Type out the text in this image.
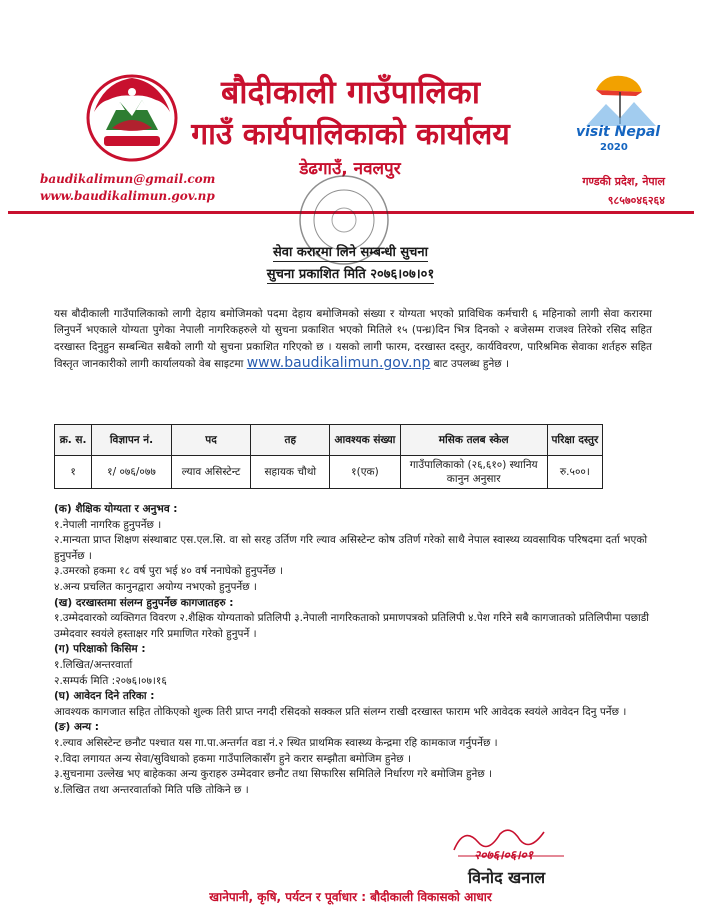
बौदीकाली गाउँपालिका
गाउँ कार्यपालिकाको कार्यालय
डेढगाउँ, नवलपुर
visit Nepal
2020
baudikalimun@gmail.com
www.baudikalimun.gov.np
गण्डकी प्रदेश, नेपाल
९८५७०४६२६४
सेवा करारमा लिने सम्बन्धी सुचना
सुचना प्रकाशित मिति २०७६।०७।०१
यस बौदीकाली गाउँपालिकाको लागी देहाय बमोजिमको पदमा देहाय बमोजिमको संख्या र योग्यता भएको प्राविधिक कर्मचारी ६ महिनाको लागी सेवा करारमा लिनुपर्ने भएकाले योग्यता पुगेका नेपाली नागरिकहरुले यो सुचना प्रकाशित भएको मितिले १५ (पन्ध्र)दिन भित्र दिनको २ बजेसम्म राजश्व तिरेको रसिद सहित दरखास्त दिनुहुन सम्बन्धित सबैको लागी यो सुचना प्रकाशित गरिएको छ । यसको लागी फारम, दरखास्त दस्तुर, कार्यविवरण, पारिश्रमिक सेवाका शर्तहरु सहित विस्तृत जानकारीको लागी कार्यालयको वेब साइटमा www.baudikalimun.gov.np बाट उपलब्ध हुनेछ ।
क्र. स.	विज्ञापन नं.	पद	तह	आवश्यक संख्या	मसिक तलब स्केल	परिक्षा दस्तुर
१	१/ ०७६/०७७	ल्याव असिस्टेन्ट	सहायक चौथो	१(एक)	गाउँपालिकाको (२६,६१०) स्थानिय कानुन अनुसार	रु.५००।
(क) शैक्षिक योग्यता र अनुभव :
१.नेपाली नागरिक हुनुपर्नेछ ।
२.मान्यता प्राप्त शिक्षण संस्थाबाट एस.एल.सि. वा सो सरह उर्तिण गरि ल्याव असिस्टेन्ट कोष उतिर्ण गरेको साथै नेपाल स्वास्थ्य व्यवसायिक परिषदमा दर्ता भएको हुनुपर्नेछ ।
३.उमरको हकमा १८ वर्ष पुरा भई ४० वर्ष ननाघेको हुनुपर्नेछ ।
४.अन्य प्रचलित कानुनद्वारा अयोग्य नभएको हुनुपर्नेछ ।
(ख) दरखास्तमा संलग्न हुनुपर्नेछ कागजातहरु :
१.उम्मेदवारको व्यक्तिगत विवरण २.शैक्षिक योग्यताको प्रतिलिपी ३.नेपाली नागरिकताको प्रमाणपत्रको प्रतिलिपी ४.पेश गरिने सबै कागजातको प्रतिलिपीमा पछाडी उम्मेदवार स्वयंले हस्ताक्षर गरि प्रमाणित गरेको हुनुपर्ने ।
(ग) परिक्षाको किसिम :
१.लिखित/अन्तरवार्ता
२.सम्पर्क मिति :२०७६।०७।१६
(घ) आवेदन दिने तरिका :
आवश्यक कागजात सहित तोकिएको शुल्क तिरी प्राप्त नगदी रसिदको सक्कल प्रति संलग्न राखी दरखास्त फाराम भरि आवेदक स्वयंले आवेदन दिनु पर्नेछ ।
(ङ) अन्य :
१.ल्याव असिस्टेन्ट छनौट पश्चात यस गा.पा.अन्तर्गत वडा नं.२ स्थित प्राथमिक स्वास्थ्य केन्द्रमा रहि कामकाज गर्नुपर्नेछ ।
२.विदा लगायत अन्य सेवा/सुविधाको हकमा गाउँपालिकासँग हुने करार सम्झौता बमोजिम हुनेछ ।
३.सुचनामा उल्लेख भए बाहेकका अन्य कुराहरु उम्मेदवार छनौट तथा सिफारिस समितिले निर्धारण गरे बमोजिम हुनेछ ।
४.लिखित तथा अन्तरवार्ताको मिति पछि तोकिने छ ।
२०७६।०६।०१
विनोद खनाल
खानेपानी, कृषि, पर्यटन र पूर्वाधार : बौदीकाली विकासको आधार
